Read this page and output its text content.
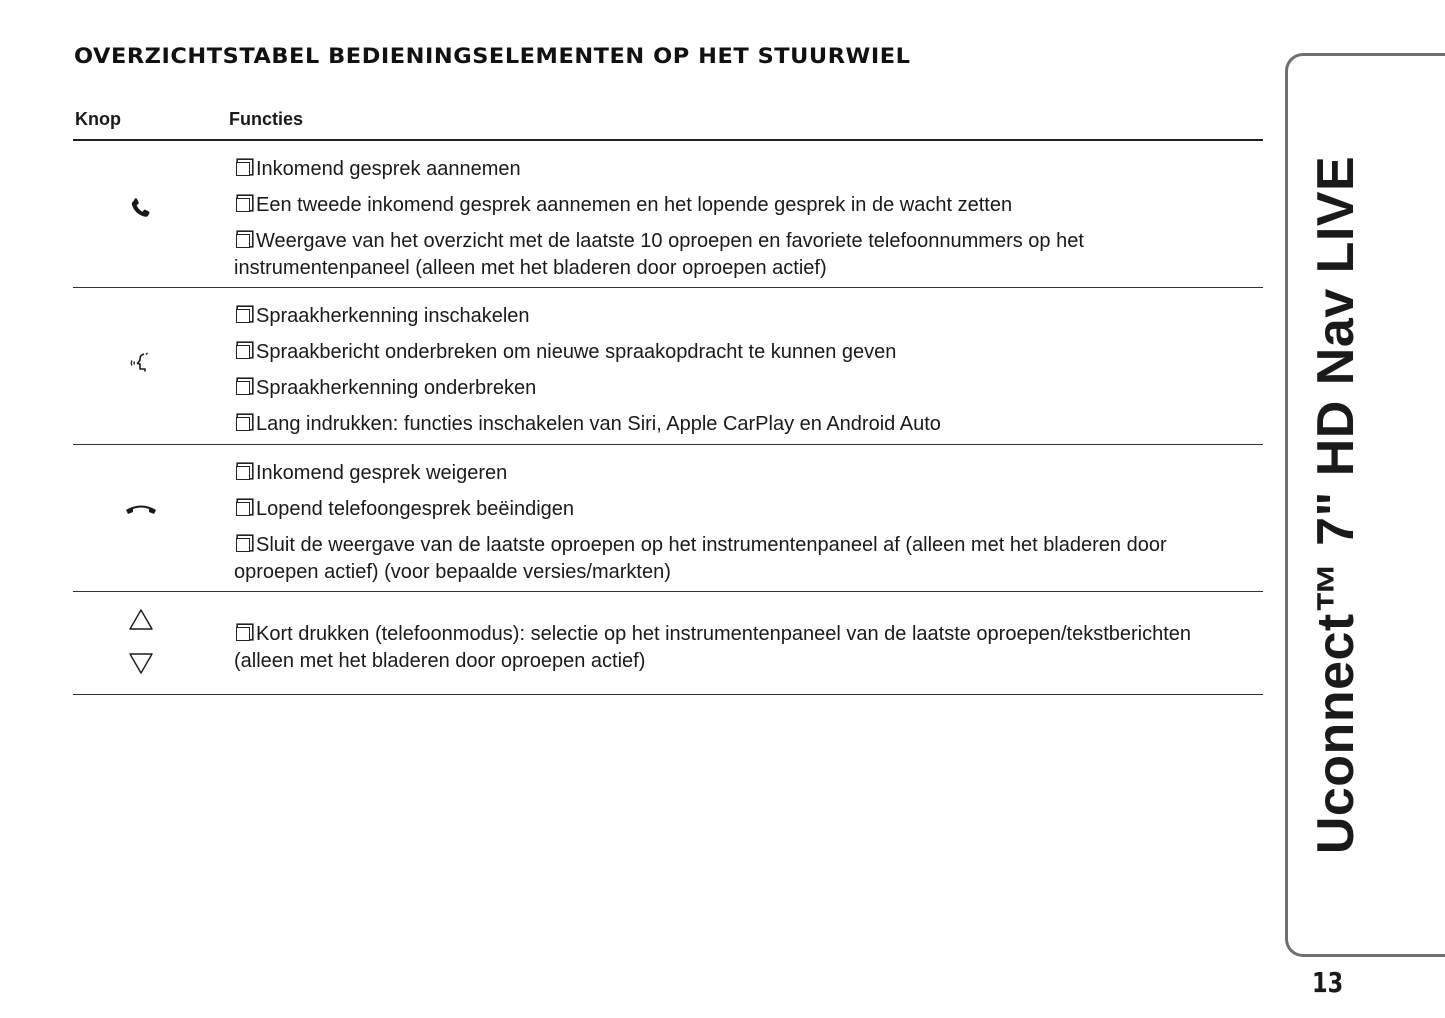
OVERZICHTSTABEL BEDIENINGSELEMENTEN OP HET STUURWIEL
Knop	Functies
Inkomend gesprek aannemen
Een tweede inkomend gesprek aannemen en het lopende gesprek in de wacht zetten
Weergave van het overzicht met de laatste 10 oproepen en favoriete telefoonnummers op het instrumentenpaneel (alleen met het bladeren door oproepen actief)
Spraakherkenning inschakelen
Spraakbericht onderbreken om nieuwe spraakopdracht te kunnen geven
Spraakherkenning onderbreken
Lang indrukken: functies inschakelen van Siri, Apple CarPlay en Android Auto
Inkomend gesprek weigeren
Lopend telefoongesprek beëindigen
Sluit de weergave van de laatste oproepen op het instrumentenpaneel af (alleen met het bladeren door oproepen actief) (voor bepaalde versies/markten)
Kort drukken (telefoonmodus): selectie op het instrumentenpaneel van de laatste oproepen/tekstberichten (alleen met het bladeren door oproepen actief)	Uconnect™ 7" HD Nav LIVE
13
